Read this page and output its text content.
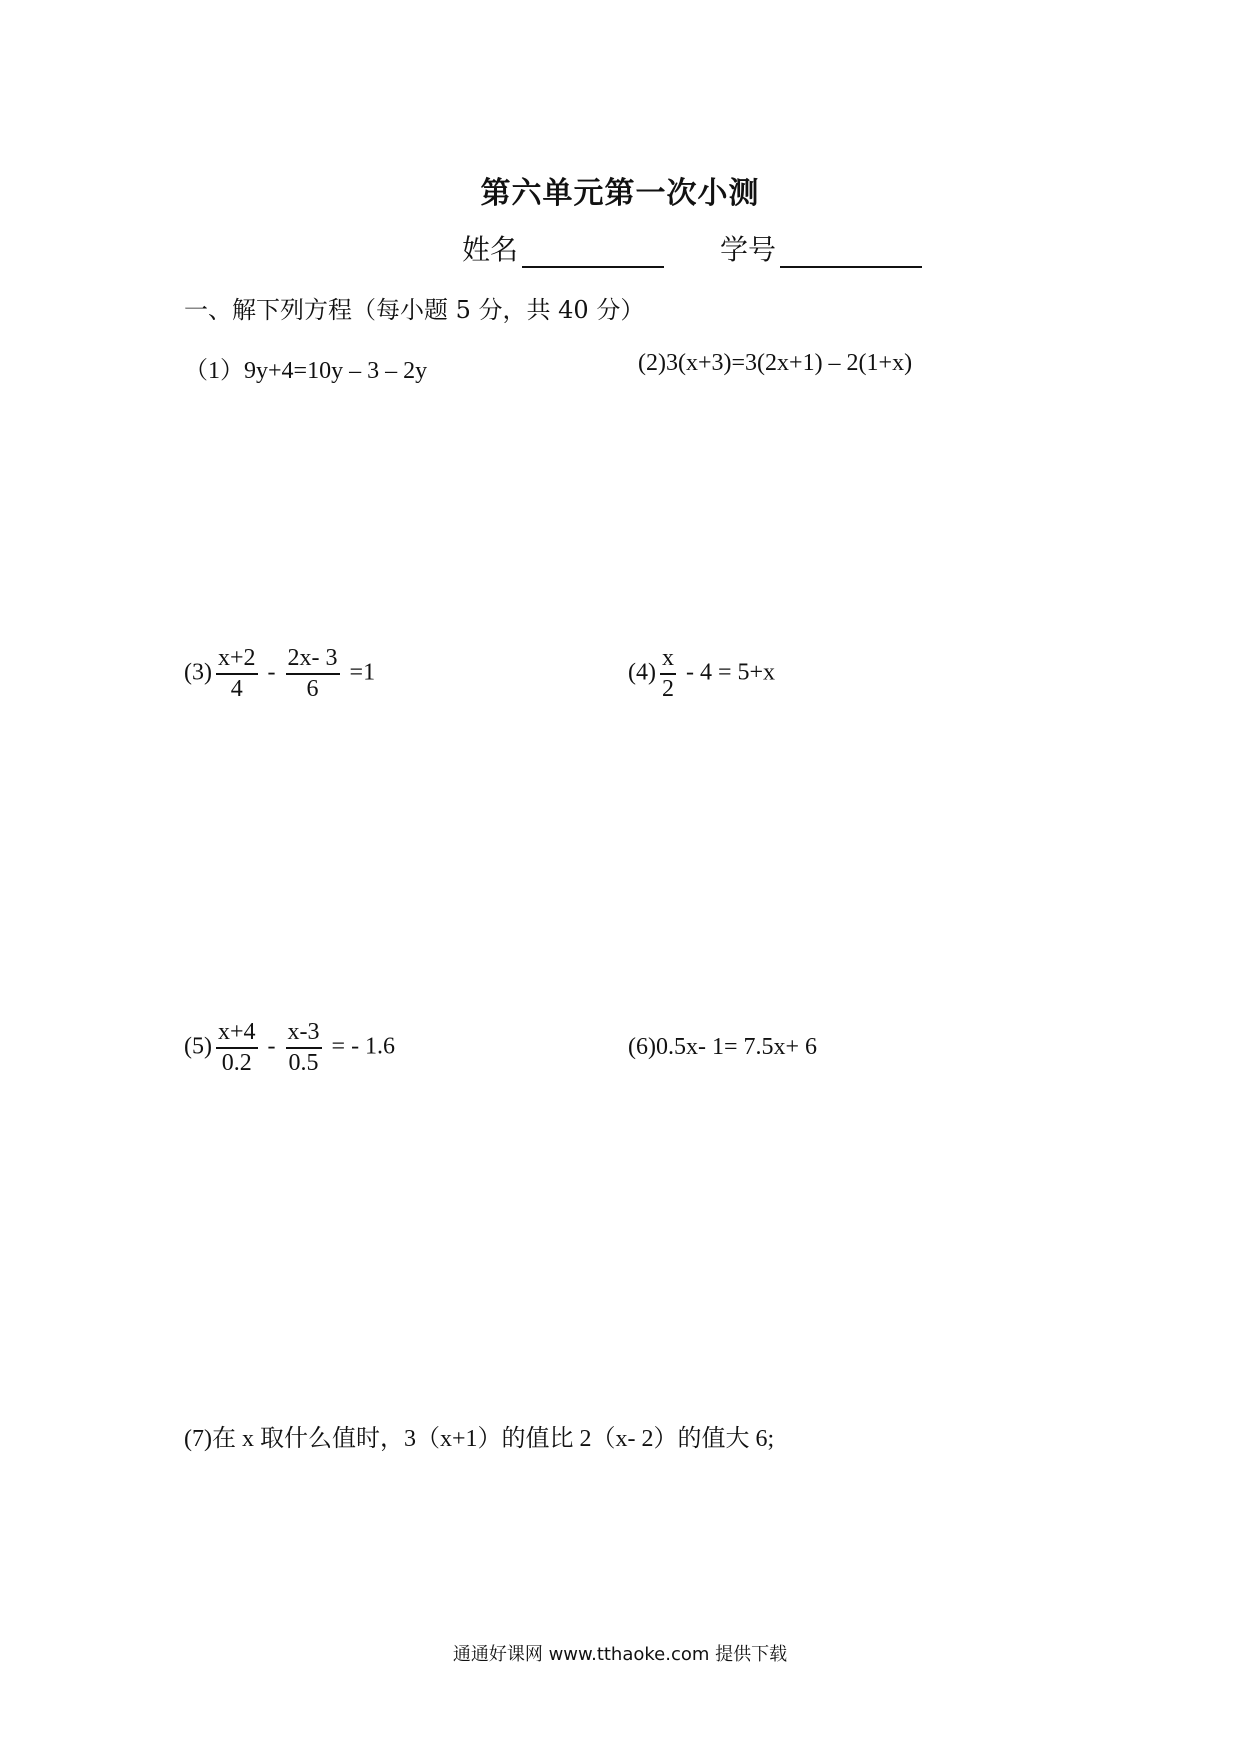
第六单元第一次小测
姓名	学号
一、解下列方程（每小题 5 分，共 40 分）
（1）9y+4=10y – 3 – 2y	(2)3(x+3)=3(2x+1) – 2(1+x)
$(3) \frac{x+2}{4} - \frac{2x- 3}{6} =1$	$(4) \frac{x}{2} - 4 = 5+x$
$(5) \frac{x+4}{0.2} - \frac{x-3}{0.5}$ = - 1.6	(6)0.5x- 1= 7.5x+ 6
(7)在 x 取什么值时，3（x+1）的值比 2（x- 2）的值大 6;
通通好课网 www.tthaoke.com 提供下载
